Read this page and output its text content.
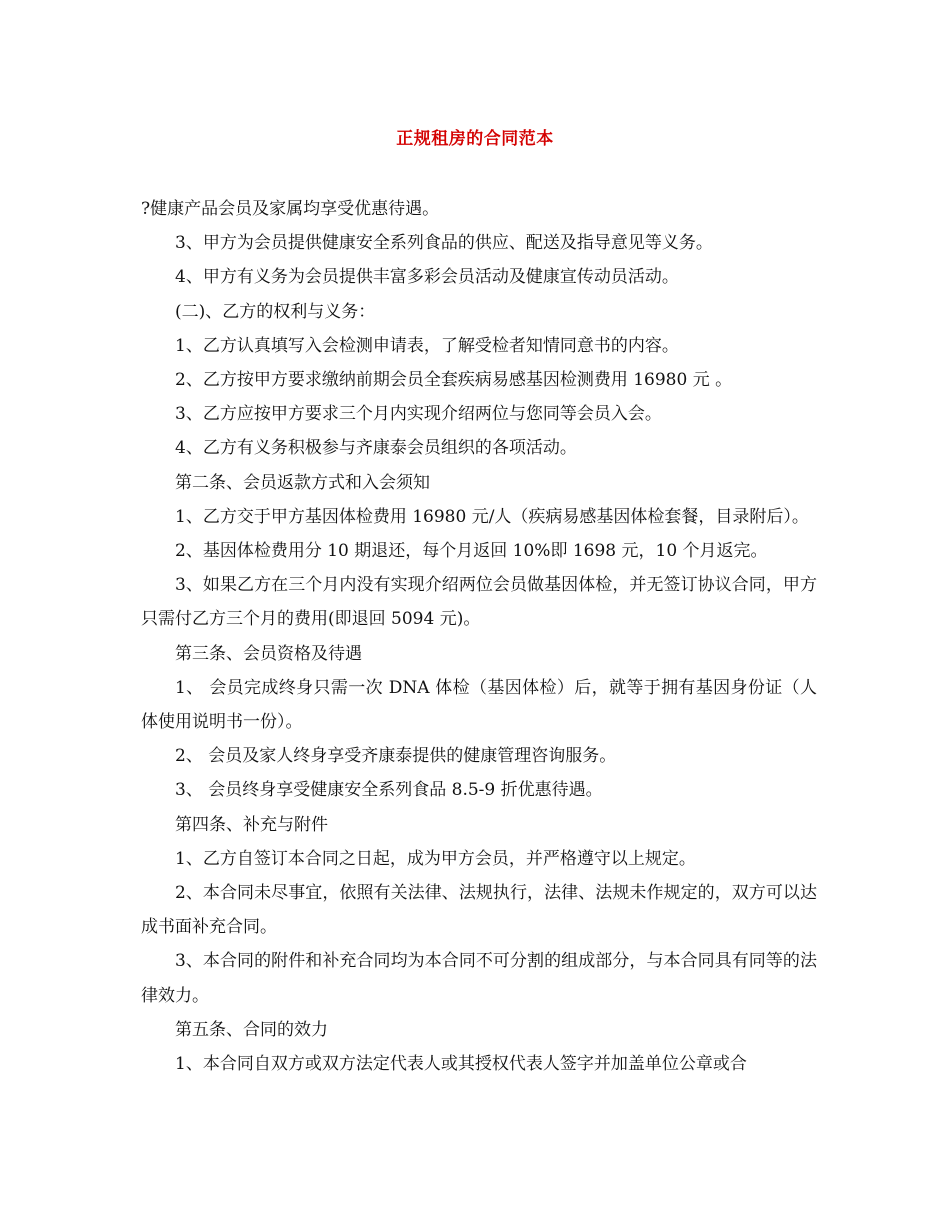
正规租房的合同范本

?健康产品会员及家属均享受优惠待遇。

3、甲方为会员提供健康安全系列食品的供应、配送及指导意见等义务。

4、甲方有义务为会员提供丰富多彩会员活动及健康宣传动员活动。

(二)、乙方的权利与义务：

1、乙方认真填写入会检测申请表，了解受检者知情同意书的内容。

2、乙方按甲方要求缴纳前期会员全套疾病易感基因检测费用 16980 元 。

3、乙方应按甲方要求三个月内实现介绍两位与您同等会员入会。

4、乙方有义务积极参与齐康泰会员组织的各项活动。

第二条、会员返款方式和入会须知

1、乙方交于甲方基因体检费用 16980 元/人（疾病易感基因体检套餐，目录附后）。

2、基因体检费用分 10 期退还，每个月返回 10%即 1698 元，10 个月返完。

3、如果乙方在三个月内没有实现介绍两位会员做基因体检，并无签订协议合同，甲方只需付乙方三个月的费用(即退回 5094 元)。

第三条、会员资格及待遇

1、 会员完成终身只需一次 DNA 体检（基因体检）后，就等于拥有基因身份证（人体使用说明书一份）。

2、 会员及家人终身享受齐康泰提供的健康管理咨询服务。

3、 会员终身享受健康安全系列食品 8.5-9 折优惠待遇。

第四条、补充与附件

1、乙方自签订本合同之日起，成为甲方会员，并严格遵守以上规定。

2、本合同未尽事宜，依照有关法律、法规执行，法律、法规未作规定的，双方可以达成书面补充合同。

3、本合同的附件和补充合同均为本合同不可分割的组成部分，与本合同具有同等的法律效力。

第五条、合同的效力

1、本合同自双方或双方法定代表人或其授权代表人签字并加盖单位公章或合
